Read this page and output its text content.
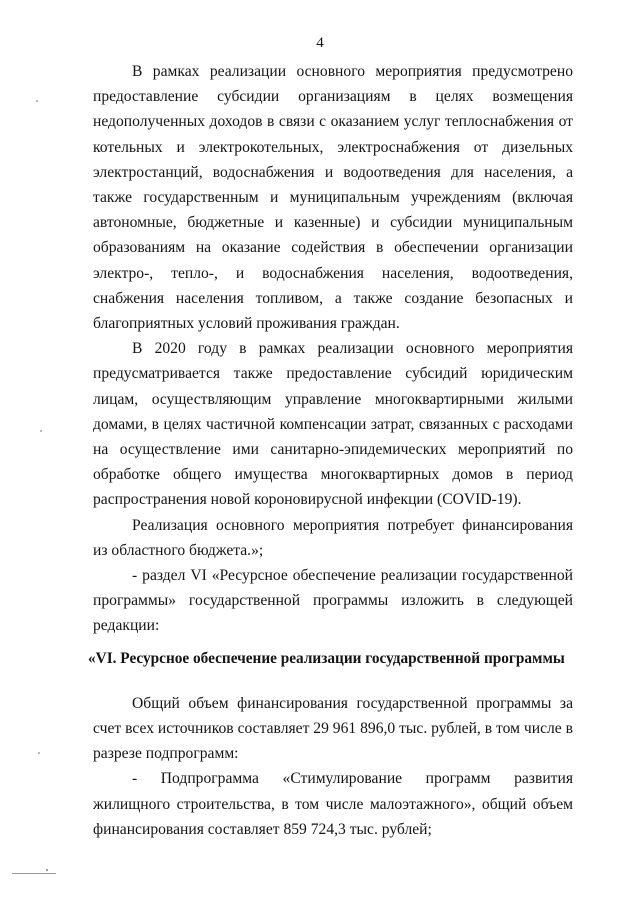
4

В рамках реализации основного мероприятия предусмотрено предоставление субсидии организациям в целях возмещения недополученных доходов в связи с оказанием услуг теплоснабжения от котельных и электрокотельных, электроснабжения от дизельных электростанций, водоснабжения и водоотведения для населения, а также государственным и муниципальным учреждениям (включая автономные, бюджетные и казенные) и субсидии муниципальным образованиям на оказание содействия в обеспечении организации электро-, тепло-, и водоснабжения населения, водоотведения, снабжения населения топливом, а также создание безопасных и благоприятных условий проживания граждан.

В 2020 году в рамках реализации основного мероприятия предусматривается также предоставление субсидий юридическим лицам, осуществляющим управление многоквартирными жилыми домами, в целях частичной компенсации затрат, связанных с расходами на осуществление ими санитарно-эпидемических мероприятий по обработке общего имущества многоквартирных домов в период распространения новой короновирусной инфекции (COVID-19).

Реализация основного мероприятия потребует финансирования из областного бюджета.»;

- раздел VI «Ресурсное обеспечение реализации государственной программы» государственной программы изложить в следующей редакции:

«VI. Ресурсное обеспечение реализации государственной программы

Общий объем финансирования государственной программы за счет всех источников составляет 29 961 896,0 тыс. рублей, в том числе в разрезе подпрограмм:

- Подпрограмма «Стимулирование программ развития жилищного строительства, в том числе малоэтажного», общий объем финансирования составляет 859 724,3 тыс. рублей;
